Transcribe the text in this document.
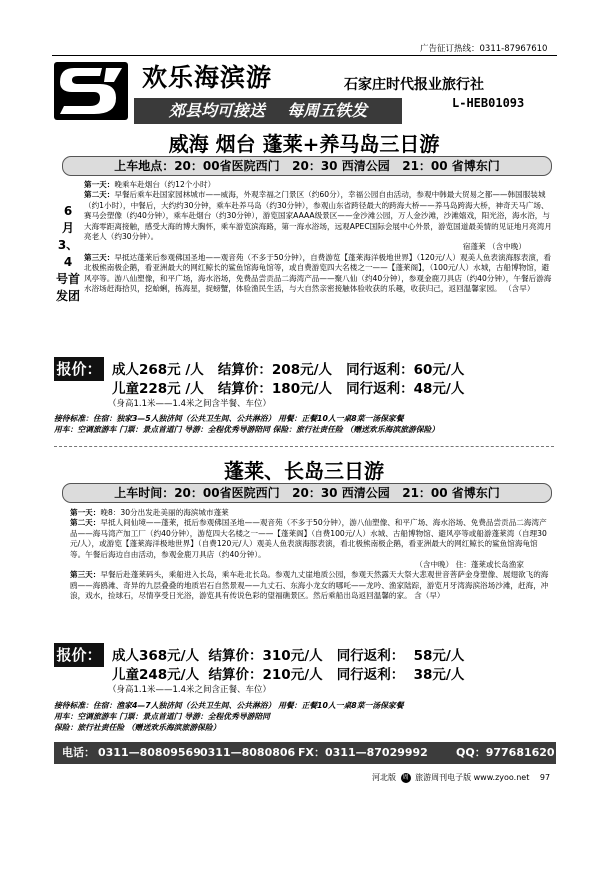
广告征订热线：0311-87967610
欢乐海滨游	石家庄时代报业旅行社
郊县均可接送    每周五铁发	L-HEB01093
威海 烟台 蓬莱+养马岛三日游
上车地点：20：00省医院西门   20：30 西清公园   21：00 省博东门
6
月
3、4
号首
发团

第一天：晚乘车赴烟台（约12个小时）

第二天：早餐后乘车赴国家园林城市——威海，外观幸福之门景区（约60分），幸福公园自由活动，参观中韩最大贸易之都——韩国服装城（约1小时），中餐后，大约约30分钟，乘车赴养马岛（约30分钟），参观山东省跨径最大的跨海大桥——养马岛跨海大桥，神奇天马广场、赛马会塑像（约40分钟），乘车赴烟台（约30分钟），游览国家AAAA级景区——金沙滩公园，万人金沙滩，沙滩嬉戏，阳光浴，海水浴，与大海零距离接触，感受大海的博大胸怀，乘车游览滨海路，第一海水浴场，远观APEC国际会展中心外景，游览国道最美情的见证地月亮湾月亮老人（约30分钟）。

宿蓬莱 （含中晚）

第三天：早抵达蓬莱后参观佛国圣地——观音苑（不多于50分钟），自费游览【蓬莱海洋极地世界】（120元/人）观美人鱼表演海豚表演，看北极熊南极企鹅，看亚洲最大的网红鲸长的鲨鱼馆海龟馆等，或自费游览四大名楼之一——【蓬莱阁】，（100元/人）水城，古船博物馆，避风亭等。游八仙塑像，和平广场，海水浴场，免费品尝贡品二海湾产品——聚八仙（约40分钟），参观金鹿刀具店（约40分钟），午餐后游海水浴场赶海拾贝，挖蛤蜊，拣海星，捉螃蟹，体验渔民生活，与大自然亲密接触体验收获的乐趣，收获归己，返回温馨家园。 （含早）

报价： 成人268元 /人   结算价：208元/人   同行返利：60元/人
儿童228元 /人   结算价：180元/人   同行返利：48元/人
（身高1.1米——1.4米之间含半餐、车位）

接待标准：住宿：独家3—5人独济间（公共卫生间、公共淋浴） 用餐：正餐10人一桌8菜一汤保家餐

用车：空调旅游车 门票：景点首道门 导游：全程优秀导游陪同 保险：旅行社责任险 （赠送欢乐海滨旅游保险）

蓬莱、长岛三日游
上车时间：20：00省医院西门   20：30 西清公园   21：00 省博东门

第一天：晚8：30分出发赴美丽的海滨城市蓬莱

第二天：早抵人间仙境——蓬莱，抵后参观佛国圣地——观音苑（不多于50分钟），游八仙塑像、和平广场、海水浴场、免费品尝贡品二海湾产品——海马湾产加工厂（约40分钟），游览四大名楼之一——【蓬莱阁】（自费100元/人）水城、古船博物馆、避风亭等或船游蓬莱湾（自理30元/人），或游览【蓬莱海洋极地世界】（自费120元/人）观美人鱼表演海豚表演，看北极熊南极企鹅，看亚洲最大的网红鲸长的鲨鱼馆海龟馆等。午餐后海边自由活动，参观金鹿刀具店（约40分钟）。

（含中晚） 住：蓬莱或长岛渔家

第三天：早餐后赴蓬莱码头，乘船进入长岛，乘车赴北长岛。参观九丈崖地质公园，参观天然露天大祭大悲观世音菩萨金身塑像、展翅欲飞的海鸥——海鸥滩、奇异的九层叠叠的地质岩石自然景观——九丈石、东海小龙女的哪吒——龙吟、渔家陆踪，游览月牙湾海滨浴场沙滩，赶海，冲浪，戏水，捡球石，尽情享受日光浴，游览具有传说色彩的望福礁景区。然后乘船出岛返回温馨的家。 含（早）

报价： 成人368元/人  结算价：310元/人   同行返利：  58元/人
儿童248元/人  结算价：210元/人   同行返利：  38元/人
（身高1.1米——1.4米之间含正餐、车位）

接待标准：住宿：渔家4—7人独济间（公共卫生间、公共淋浴） 用餐：正餐10人一桌8菜一汤保家餐

用车：空调旅游车 门票：景点首道门 导游：全程优秀导游陪同

保险：旅行社责任险 （赠送欢乐海滨旅游保险）

电话：

0311—80809569

0311—8080806

FX：0311—87029992

	QQ：977681620

河北版 周 旅游周刊电子版 www.zyoo.net 97
